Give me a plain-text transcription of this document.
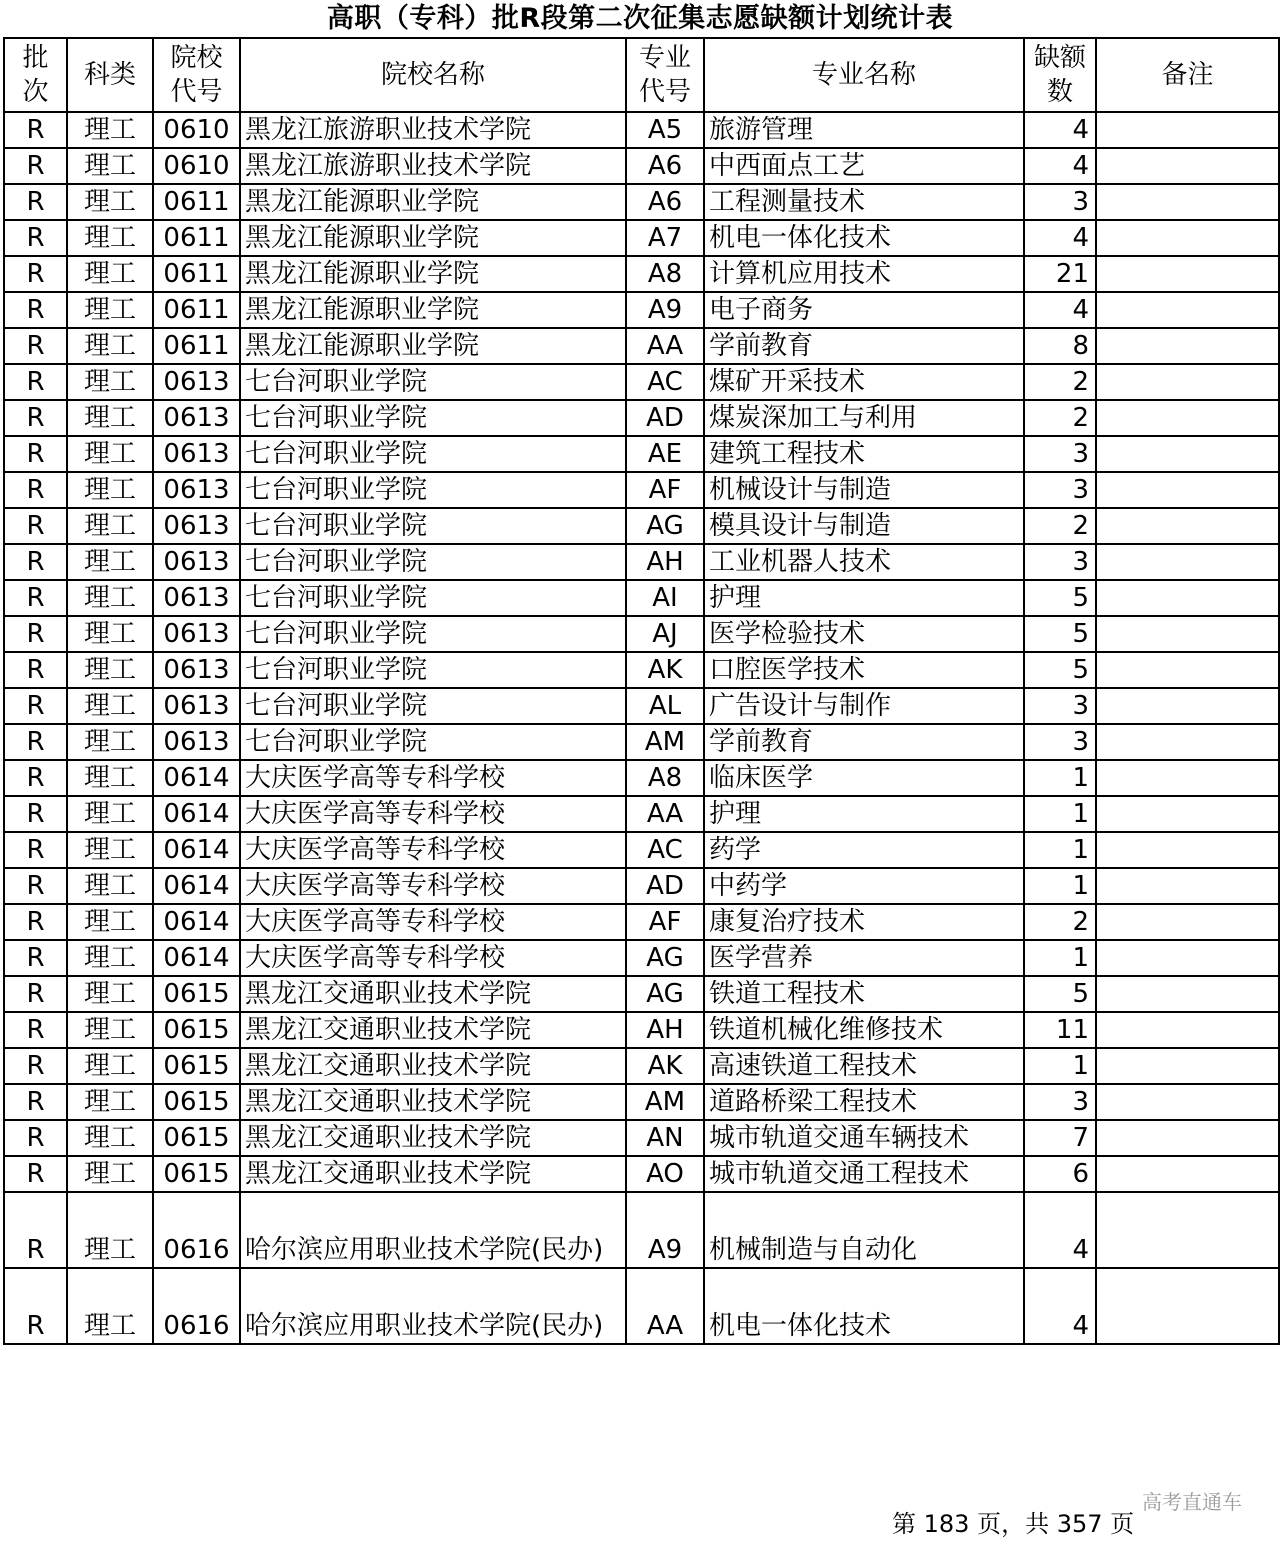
高职（专科）批R段第二次征集志愿缺额计划统计表
批次	科类	院校代号	院校名称	专业代号	专业名称	缺额数	备注
R	理工	0610	黑龙江旅游职业技术学院	A5	旅游管理	4	
R	理工	0610	黑龙江旅游职业技术学院	A6	中西面点工艺	4	
R	理工	0611	黑龙江能源职业学院	A6	工程测量技术	3	
R	理工	0611	黑龙江能源职业学院	A7	机电一体化技术	4	
R	理工	0611	黑龙江能源职业学院	A8	计算机应用技术	21	
R	理工	0611	黑龙江能源职业学院	A9	电子商务	4	
R	理工	0611	黑龙江能源职业学院	AA	学前教育	8	
R	理工	0613	七台河职业学院	AC	煤矿开采技术	2	
R	理工	0613	七台河职业学院	AD	煤炭深加工与利用	2	
R	理工	0613	七台河职业学院	AE	建筑工程技术	3	
R	理工	0613	七台河职业学院	AF	机械设计与制造	3	
R	理工	0613	七台河职业学院	AG	模具设计与制造	2	
R	理工	0613	七台河职业学院	AH	工业机器人技术	3	
R	理工	0613	七台河职业学院	AI	护理	5	
R	理工	0613	七台河职业学院	AJ	医学检验技术	5	
R	理工	0613	七台河职业学院	AK	口腔医学技术	5	
R	理工	0613	七台河职业学院	AL	广告设计与制作	3	
R	理工	0613	七台河职业学院	AM	学前教育	3	
R	理工	0614	大庆医学高等专科学校	A8	临床医学	1	
R	理工	0614	大庆医学高等专科学校	AA	护理	1	
R	理工	0614	大庆医学高等专科学校	AC	药学	1	
R	理工	0614	大庆医学高等专科学校	AD	中药学	1	
R	理工	0614	大庆医学高等专科学校	AF	康复治疗技术	2	
R	理工	0614	大庆医学高等专科学校	AG	医学营养	1	
R	理工	0615	黑龙江交通职业技术学院	AG	铁道工程技术	5	
R	理工	0615	黑龙江交通职业技术学院	AH	铁道机械化维修技术	11	
R	理工	0615	黑龙江交通职业技术学院	AK	高速铁道工程技术	1	
R	理工	0615	黑龙江交通职业技术学院	AM	道路桥梁工程技术	3	
R	理工	0615	黑龙江交通职业技术学院	AN	城市轨道交通车辆技术	7	
R	理工	0615	黑龙江交通职业技术学院	AO	城市轨道交通工程技术	6	
R	理工	0616	哈尔滨应用职业技术学院(民办)	A9	机械制造与自动化	4	
R	理工	0616	哈尔滨应用职业技术学院(民办)	AA	机电一体化技术	4	
高考直通车
第 183 页，共 357 页
